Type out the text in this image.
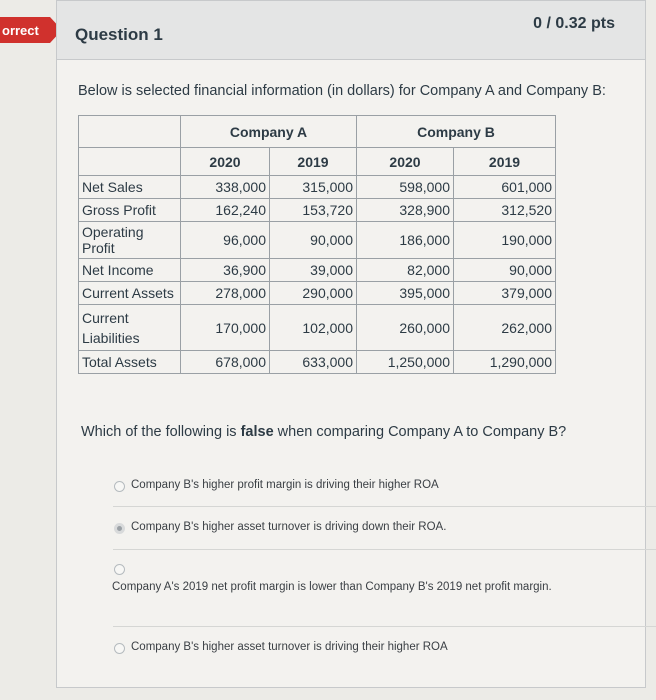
orrect Question 1
0 / 0.32 pts
Below is selected financial information (in dollars) for Company A and Company B:
	Company A		Company B	
	2020	2019	2020	2019
Net Sales	338,000	315,000	598,000	601,000
Gross Profit	162,240	153,720	328,900	312,520
Operating Profit	96,000	90,000	186,000	190,000
Net Income	36,900	39,000	82,000	90,000
Current Assets	278,000	290,000	395,000	379,000
Current Liabilities	170,000	102,000	260,000	262,000
Total Assets	678,000	633,000	1,250,000	1,290,000
Which of the following is false when comparing Company A to Company B?
Company B's higher profit margin is driving their higher ROA
Company B's higher asset turnover is driving down their ROA.
Company A's 2019 net profit margin is lower than Company B's 2019 net profit margin.
Company B's higher asset turnover is driving their higher ROA
